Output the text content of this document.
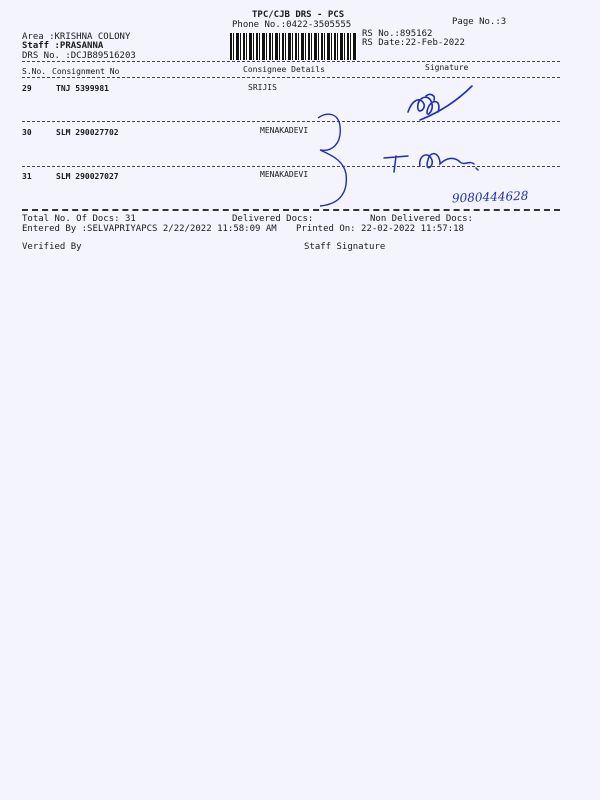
TPC/CJB DRS - PCS
Phone No.:0422-3505555	Page No.:3
Area :KRISHNA COLONY
Staff :PRASANNA
DRS No. :DCJB89516203
RS No.:895162
RS Date:22-Feb-2022
S.No. Consignment No	Consignee Details	Signature
29	TNJ 5399981	SRIJIS
30	SLM 290027702	MENAKADEVI
31	SLM 290027027	MENAKADEVI
Total No. Of Docs: 31	Delivered Docs:	Non Delivered Docs:
Entered By :SELVAPRIYAPCS 2/22/2022 11:58:09 AM Printed On: 22-02-2022 11:57:18
Verified By	Staff Signature
9080444628
